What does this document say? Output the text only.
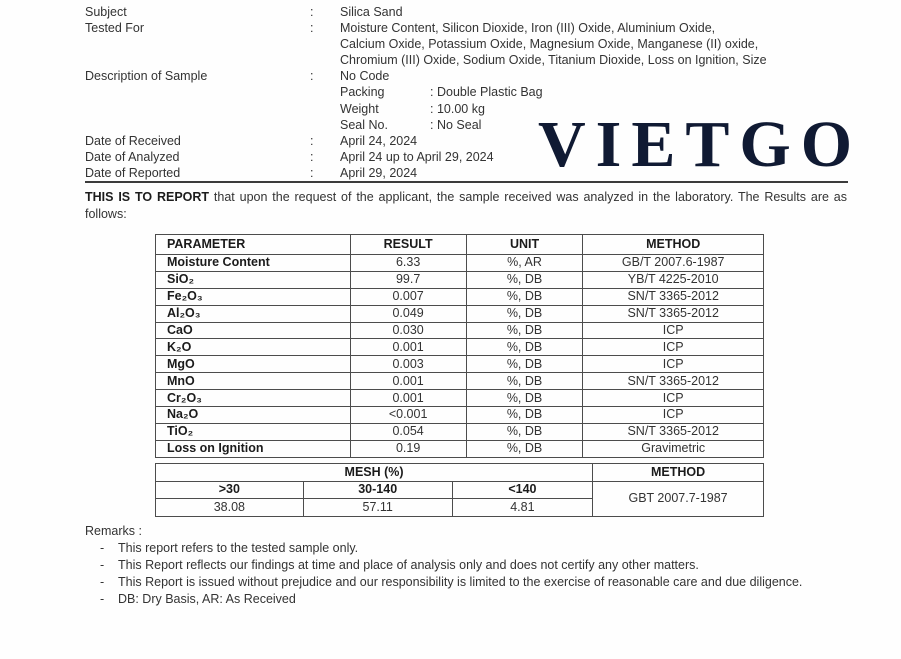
Subject	:	Silica Sand
Tested For	:	Moisture Content, Silicon Dioxide, Iron (III) Oxide, Aluminium Oxide,
Calcium Oxide, Potassium Oxide, Magnesium Oxide, Manganese (II) oxide,
Chromium (III) Oxide, Sodium Oxide, Titanium Dioxide, Loss on Ignition, Size
Description of Sample	:	No Code
Packing	: Double Plastic Bag
Weight	: 10.00 kg
Seal No.	: No Seal
Date of Received	:	April 24, 2024
Date of Analyzed	:	April 24 up to April 29, 2024
Date of Reported	:	April 29, 2024	VIETGO
THIS IS TO REPORT that upon the request of the applicant, the sample received was analyzed in the laboratory. The Results are as follows:
PARAMETER	RESULT	UNIT	METHOD
Moisture Content	6.33	%, AR	GB/T 2007.6-1987
SiO₂	99.7	%, DB	YB/T 4225-2010
Fe₂O₃	0.007	%, DB	SN/T 3365-2012
Al₂O₃	0.049	%, DB	SN/T 3365-2012
CaO	0.030	%, DB	ICP
K₂O	0.001	%, DB	ICP
MgO	0.003	%, DB	ICP
MnO	0.001	%, DB	SN/T 3365-2012
Cr₂O₃	0.001	%, DB	ICP
Na₂O	<0.001	%, DB	ICP
TiO₂	0.054	%, DB	SN/T 3365-2012
Loss on Ignition	0.19	%, DB	Gravimetric
MESH (%)			METHOD
>30	30-140	<140	GBT 2007.7-1987
38.08	57.11	4.81	
Remarks :
-	This report refers to the tested sample only.
-	This Report reflects our findings at time and place of analysis only and does not certify any other matters.
-	This Report is issued without prejudice and our responsibility is limited to the exercise of reasonable care and due diligence.
-	DB: Dry Basis, AR: As Received
